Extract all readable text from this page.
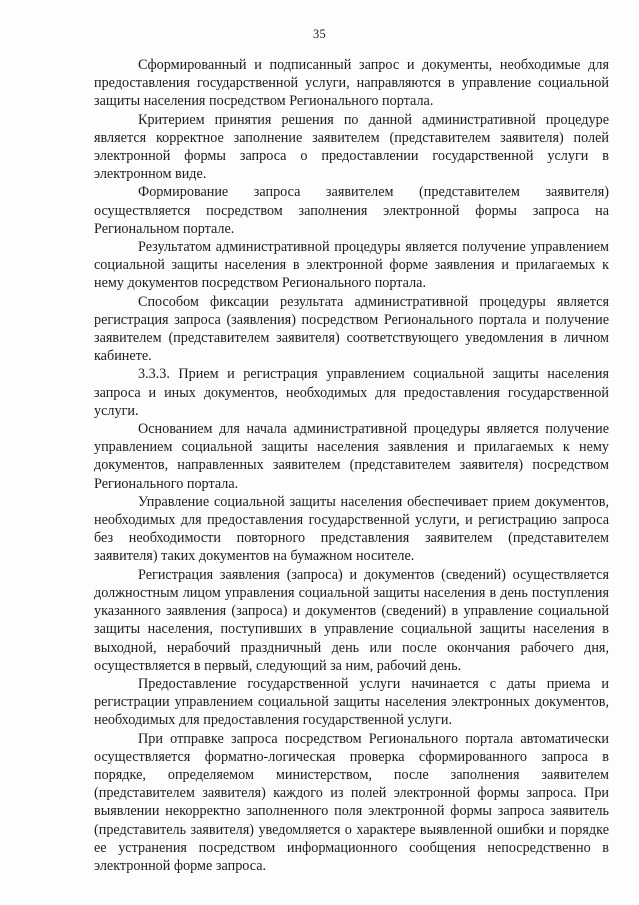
35

Сформированный и подписанный запрос и документы, необходимые для предоставления государственной услуги, направляются в управление социальной защиты населения посредством Регионального портала.

Критерием принятия решения по данной административной процедуре является корректное заполнение заявителем (представителем заявителя) полей электронной формы запроса о предоставлении государственной услуги в электронном виде.

Формирование запроса заявителем (представителем заявителя) осуществляется посредством заполнения электронной формы запроса на Региональном портале.

Результатом административной процедуры является получение управлением социальной защиты населения в электронной форме заявления и прилагаемых к нему документов посредством Регионального портала.

Способом фиксации результата административной процедуры является регистрация запроса (заявления) посредством Регионального портала и получение заявителем (представителем заявителя) соответствующего уведомления в личном кабинете.

3.3.3. Прием и регистрация управлением социальной защиты населения запроса и иных документов, необходимых для предоставления государственной услуги.

Основанием для начала административной процедуры является получение управлением социальной защиты населения заявления и прилагаемых к нему документов, направленных заявителем (представителем заявителя) посредством Регионального портала.

Управление социальной защиты населения обеспечивает прием документов, необходимых для предоставления государственной услуги, и регистрацию запроса без необходимости повторного представления заявителем (представителем заявителя) таких документов на бумажном носителе.

Регистрация заявления (запроса) и документов (сведений) осуществляется должностным лицом управления социальной защиты населения в день поступления указанного заявления (запроса) и документов (сведений) в управление социальной защиты населения, поступивших в управление социальной защиты населения в выходной, нерабочий праздничный день или после окончания рабочего дня, осуществляется в первый, следующий за ним, рабочий день.

Предоставление государственной услуги начинается с даты приема и регистрации управлением социальной защиты населения электронных документов, необходимых для предоставления государственной услуги.

При отправке запроса посредством Регионального портала автоматически осуществляется форматно-логическая проверка сформированного запроса в порядке, определяемом министерством, после заполнения заявителем (представителем заявителя) каждого из полей электронной формы запроса. При выявлении некорректно заполненного поля электронной формы запроса заявитель (представитель заявителя) уведомляется о характере выявленной ошибки и порядке ее устранения посредством информационного сообщения непосредственно в электронной форме запроса.
